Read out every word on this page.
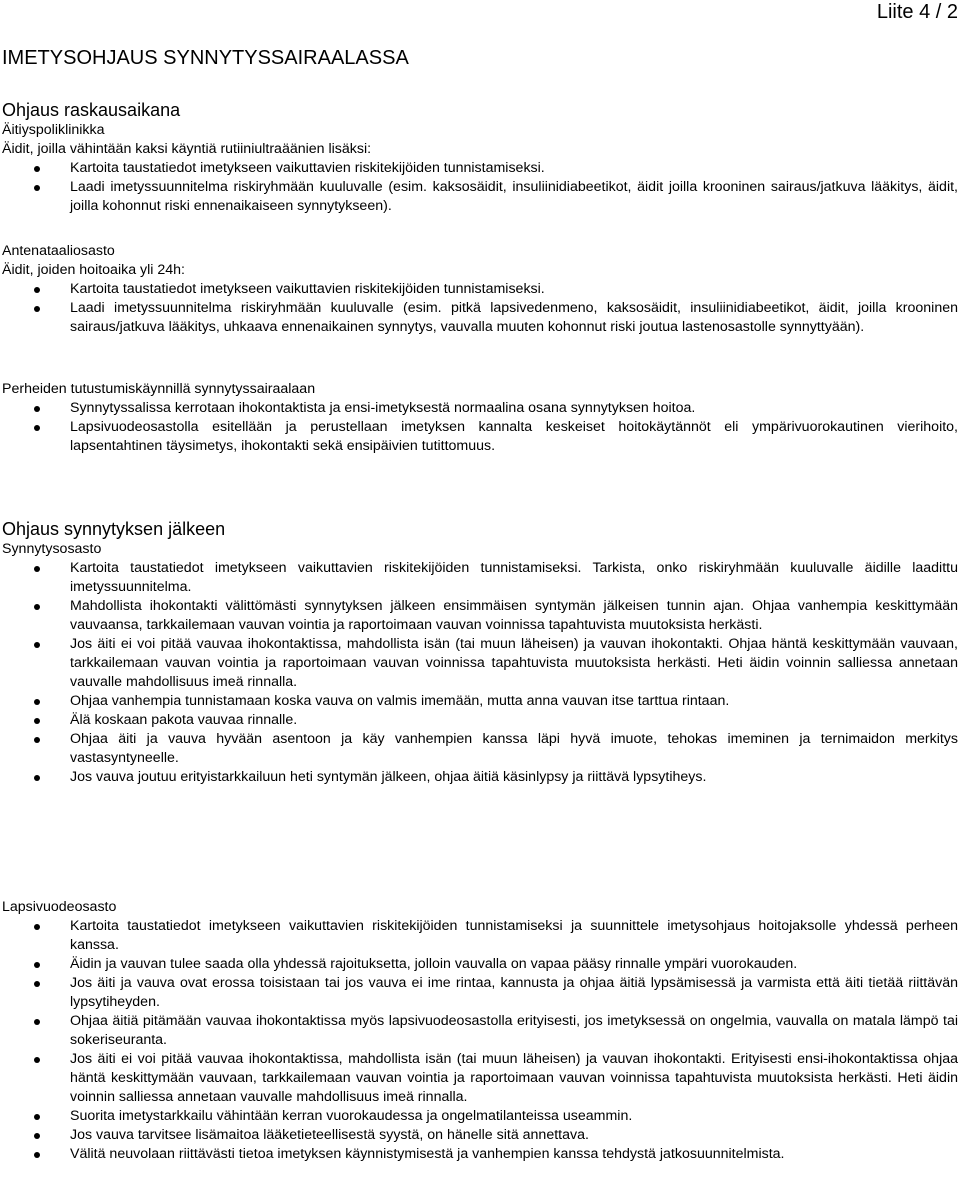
Liite 4 / 2
IMETYSOHJAUS SYNNYTYSSAIRAALASSA
Ohjaus raskausaikana

Äitiyspoliklinikka

Äidit, joilla vähintään kaksi käyntiä rutiiniultraäänien lisäksi:

Kartoita taustatiedot imetykseen vaikuttavien riskitekijöiden tunnistamiseksi.
Laadi imetyssuunnitelma riskiryhmään kuuluvalle (esim. kaksosäidit, insuliinidiabeetikot, äidit joilla krooninen sairaus/jatkuva lääkitys, äidit, joilla kohonnut riski ennenaikaiseen synnytykseen).

Antenataaliosasto

Äidit, joiden hoitoaika yli 24h:

Kartoita taustatiedot imetykseen vaikuttavien riskitekijöiden tunnistamiseksi.
Laadi imetyssuunnitelma riskiryhmään kuuluvalle (esim. pitkä lapsivedenmeno, kaksosäidit, insuliinidiabeetikot, äidit, joilla krooninen sairaus/jatkuva lääkitys, uhkaava ennenaikainen synnytys, vauvalla muuten kohonnut riski joutua lastenosastolle synnyttyään).

Perheiden tutustumiskäynnillä synnytyssairaalaan

Synnytyssalissa kerrotaan ihokontaktista ja ensi-imetyksestä normaalina osana synnytyksen hoitoa.
Lapsivuodeosastolla esitellään ja perustellaan imetyksen kannalta keskeiset hoitokäytännöt eli ympärivuorokautinen vierihoito, lapsentahtinen täysimetys, ihokontakti sekä ensipäivien tutittomuus.
Ohjaus synnytyksen jälkeen

Synnytysosasto

Kartoita taustatiedot imetykseen vaikuttavien riskitekijöiden tunnistamiseksi. Tarkista, onko riskiryhmään kuuluvalle äidille laadittu imetyssuunnitelma.
Mahdollista ihokontakti välittömästi synnytyksen jälkeen ensimmäisen syntymän jälkeisen tunnin ajan. Ohjaa vanhempia keskittymään vauvaansa, tarkkailemaan vauvan vointia ja raportoimaan vauvan voinnissa tapahtuvista muutoksista herkästi.
Jos äiti ei voi pitää vauvaa ihokontaktissa, mahdollista isän (tai muun läheisen) ja vauvan ihokontakti. Ohjaa häntä keskittymään vauvaan, tarkkailemaan vauvan vointia ja raportoimaan vauvan voinnissa tapahtuvista muutoksista herkästi. Heti äidin voinnin salliessa annetaan vauvalle mahdollisuus imeä rinnalla.
Ohjaa vanhempia tunnistamaan koska vauva on valmis imemään, mutta anna vauvan itse tarttua rintaan.
Älä koskaan pakota vauvaa rinnalle.
Ohjaa äiti ja vauva hyvään asentoon ja käy vanhempien kanssa läpi hyvä imuote, tehokas imeminen ja ternimaidon merkitys vastasyntyneelle.
Jos vauva joutuu erityistarkkailuun heti syntymän jälkeen, ohjaa äitiä käsinlypsy ja riittävä lypsytiheys.

Lapsivuodeosasto

Kartoita taustatiedot imetykseen vaikuttavien riskitekijöiden tunnistamiseksi ja suunnittele imetysohjaus hoitojaksolle yhdessä perheen kanssa.
Äidin ja vauvan tulee saada olla yhdessä rajoituksetta, jolloin vauvalla on vapaa pääsy rinnalle ympäri vuorokauden.
Jos äiti ja vauva ovat erossa toisistaan tai jos vauva ei ime rintaa, kannusta ja ohjaa äitiä lypsämisessä ja varmista että äiti tietää riittävän lypsytiheyden.
Ohjaa äitiä pitämään vauvaa ihokontaktissa myös lapsivuodeosastolla erityisesti, jos imetyksessä on ongelmia, vauvalla on matala lämpö tai sokeriseuranta.
Jos äiti ei voi pitää vauvaa ihokontaktissa, mahdollista isän (tai muun läheisen) ja vauvan ihokontakti. Erityisesti ensi-ihokontaktissa ohjaa häntä keskittymään vauvaan, tarkkailemaan vauvan vointia ja raportoimaan vauvan voinnissa tapahtuvista muutoksista herkästi. Heti äidin voinnin salliessa annetaan vauvalle mahdollisuus imeä rinnalla.
Suorita imetystarkkailu vähintään kerran vuorokaudessa ja ongelmatilanteissa useammin.
Jos vauva tarvitsee lisämaitoa lääketieteellisestä syystä, on hänelle sitä annettava.
Välitä neuvolaan riittävästi tietoa imetyksen käynnistymisestä ja vanhempien kanssa tehdystä jatkosuunnitelmista.
